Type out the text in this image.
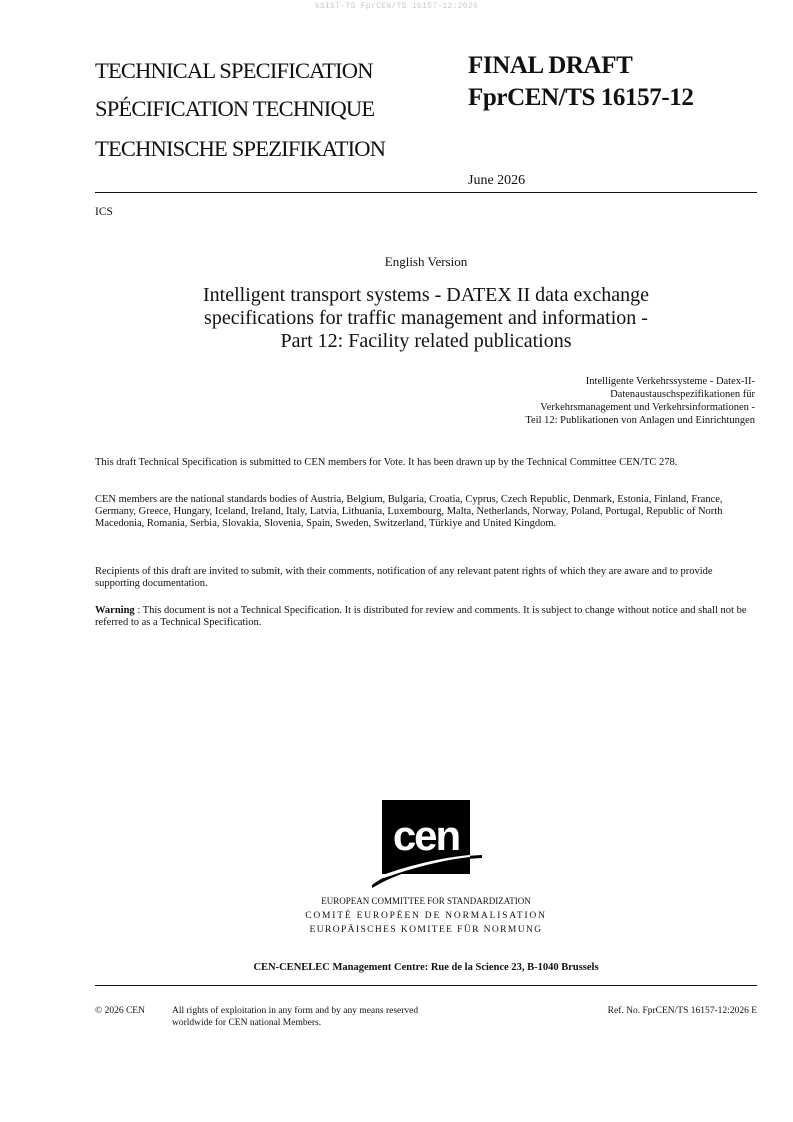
kSIST-TS FprCEN/TS 16157-12:2026
TECHNICAL SPECIFICATION
SPÉCIFICATION TECHNIQUE
TECHNISCHE SPEZIFIKATION
FINAL DRAFT
FprCEN/TS 16157-12
June 2026
ICS
English Version
Intelligent transport systems - DATEX II data exchange
specifications for traffic management and information -
Part 12: Facility related publications
Intelligente Verkehrssysteme - Datex-II-
Datenaustauschspezifikationen für
Verkehrsmanagement und Verkehrsinformationen -
Teil 12: Publikationen von Anlagen und Einrichtungen
This draft Technical Specification is submitted to CEN members for Vote. It has been drawn up by the Technical Committee CEN/TC 278.
CEN members are the national standards bodies of Austria, Belgium, Bulgaria, Croatia, Cyprus, Czech Republic, Denmark, Estonia, Finland, France, Germany, Greece, Hungary, Iceland, Ireland, Italy, Latvia, Lithuania, Luxembourg, Malta, Netherlands, Norway, Poland, Portugal, Republic of North Macedonia, Romania, Serbia, Slovakia, Slovenia, Spain, Sweden, Switzerland, Türkiye and United Kingdom.
Recipients of this draft are invited to submit, with their comments, notification of any relevant patent rights of which they are aware and to provide supporting documentation.
Warning : This document is not a Technical Specification. It is distributed for review and comments. It is subject to change without notice and shall not be referred to as a Technical Specification.
cen
EUROPEAN COMMITTEE FOR STANDARDIZATION
COMITÉ EUROPÉEN DE NORMALISATION
EUROPÄISCHES KOMITEE FÜR NORMUNG
CEN-CENELEC Management Centre: Rue de la Science 23, B-1040 Brussels
© 2026 CEN	All rights of exploitation in any form and by any means reserved
worldwide for CEN national Members.
Ref. No. FprCEN/TS 16157-12:2026 E
